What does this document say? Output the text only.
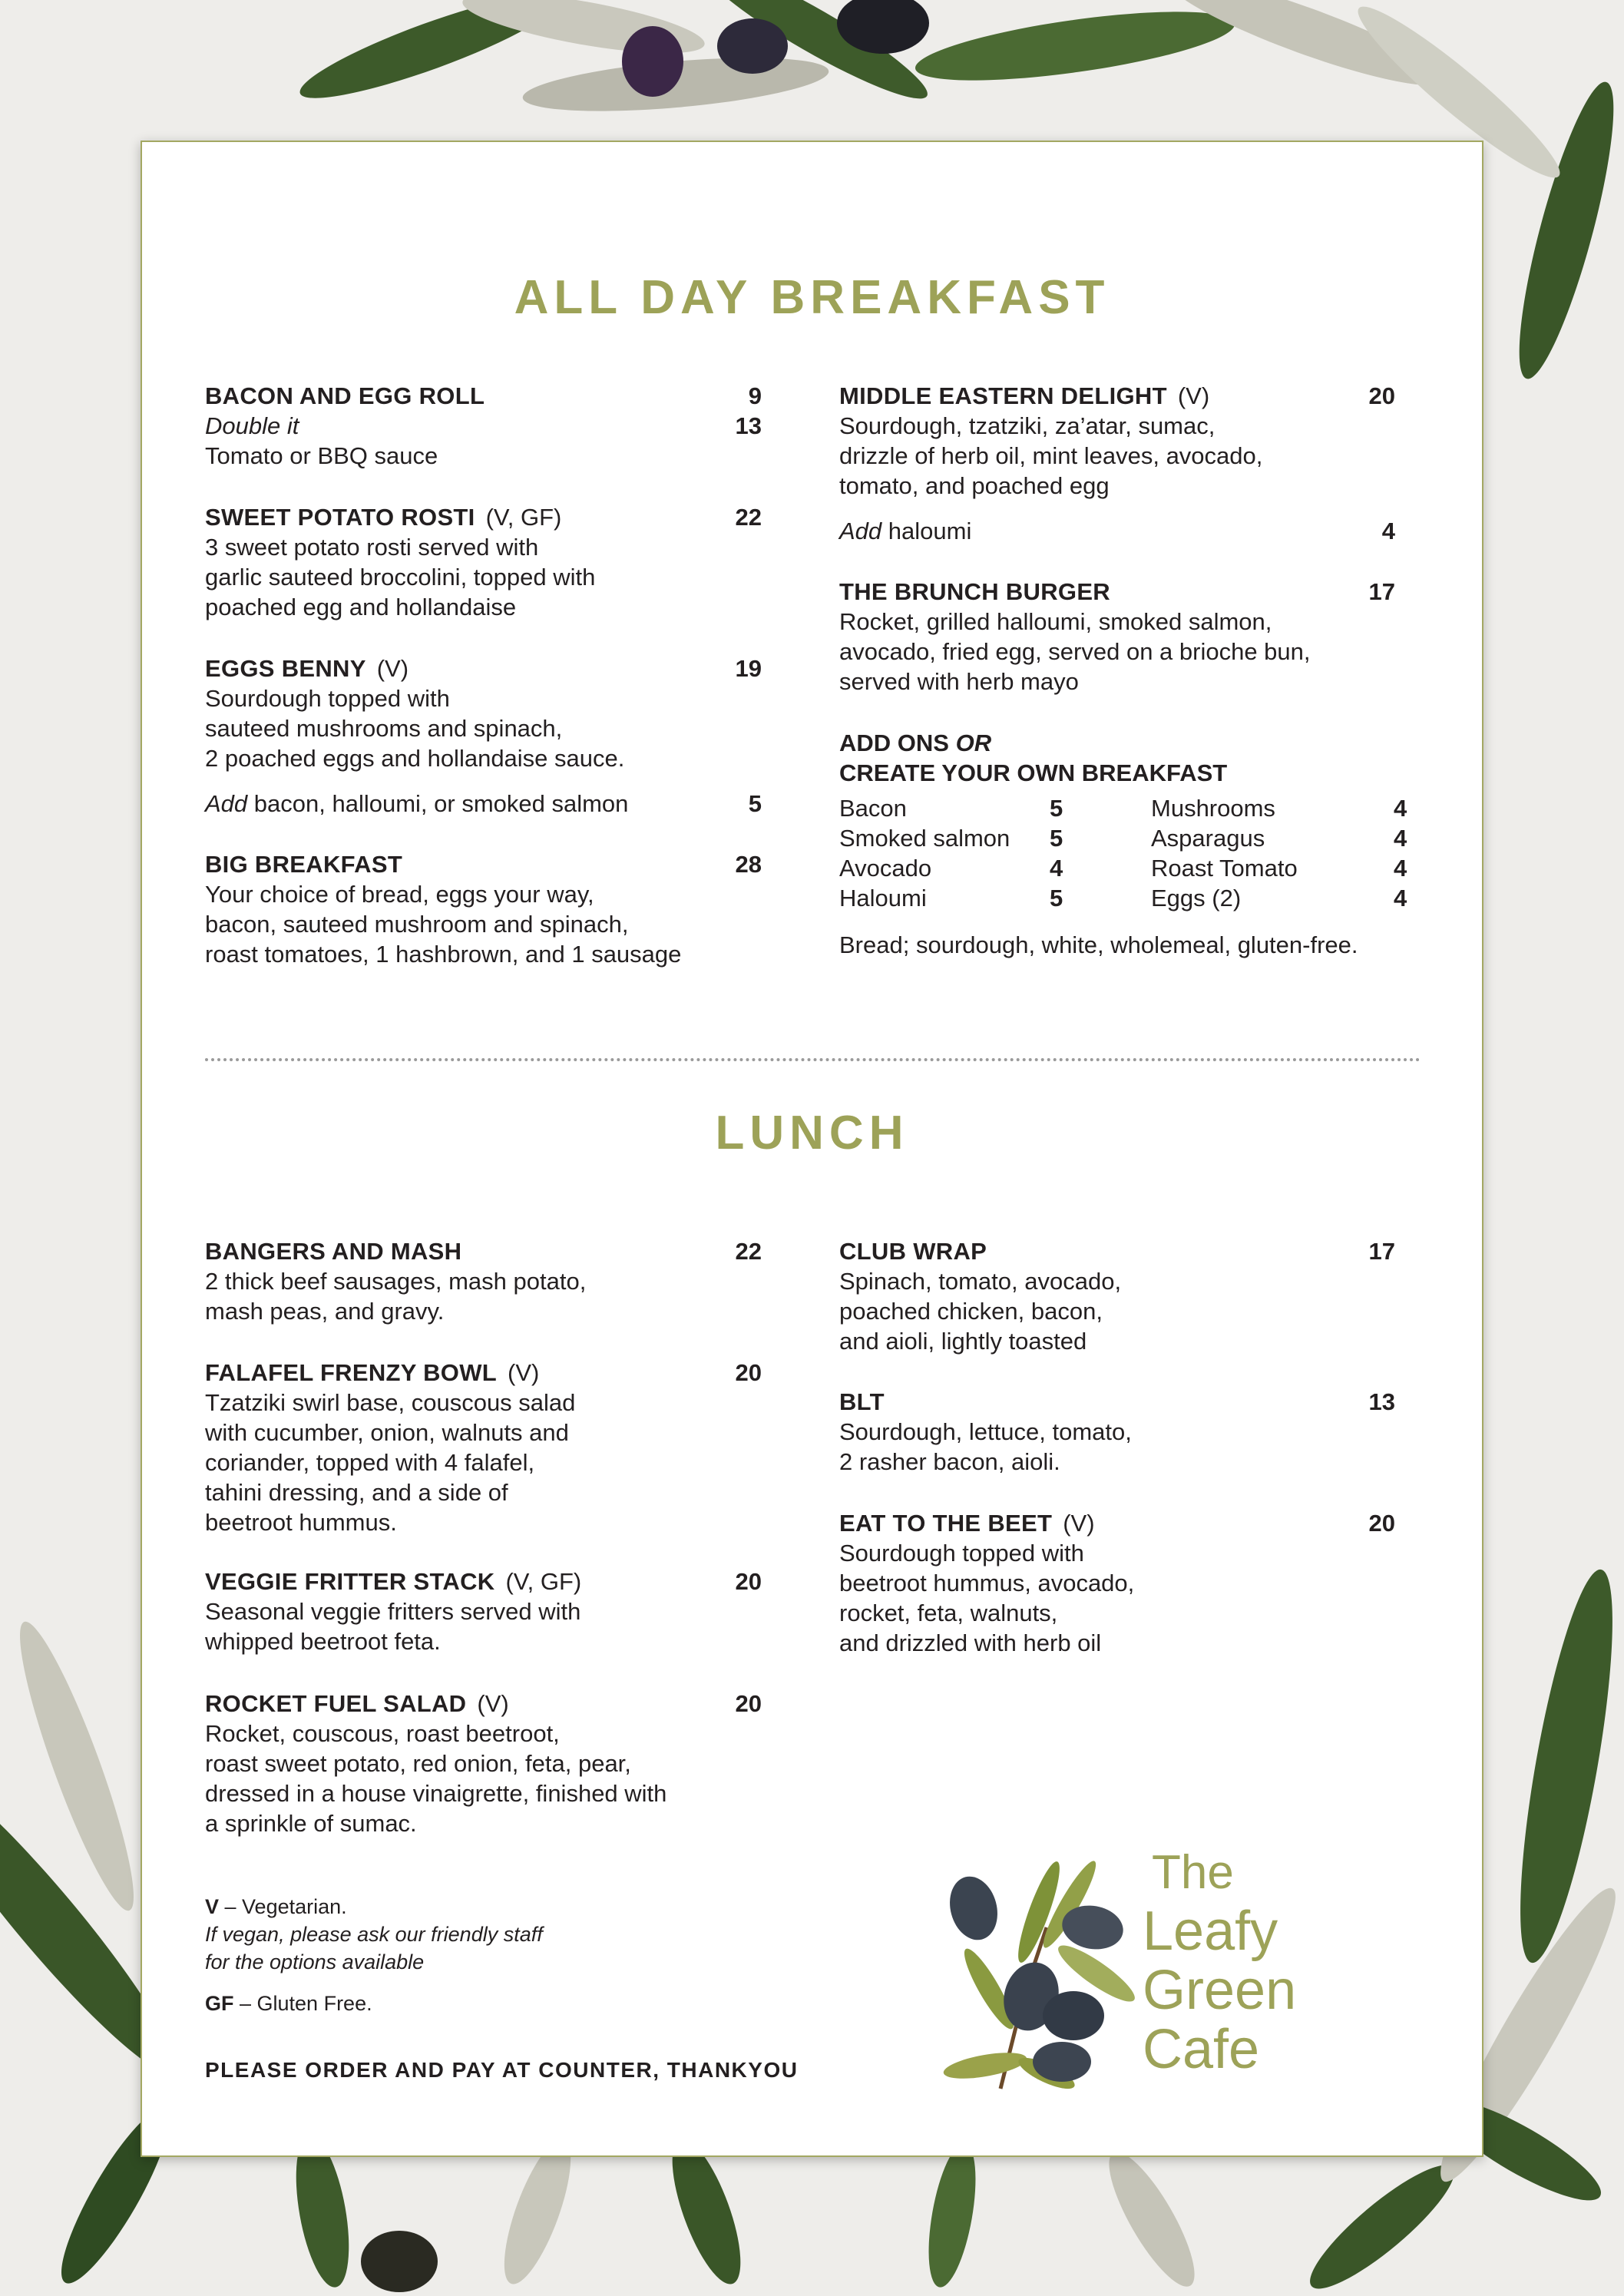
ALL DAY BREAKFAST
BACON AND EGG ROLL	9
Double it	13
Tomato or BBQ sauce
SWEET POTATO ROSTI (V, GF)	22
3 sweet potato rosti served with
garlic sauteed broccolini, topped with
poached egg and hollandaise
EGGS BENNY (V)	19
Sourdough topped with
sauteed mushrooms and spinach,
2 poached eggs and hollandaise sauce.
Add bacon, halloumi, or smoked salmon	5
BIG BREAKFAST	28
Your choice of bread, eggs your way,
bacon, sauteed mushroom and spinach,
roast tomatoes, 1 hashbrown, and 1 sausage
MIDDLE EASTERN DELIGHT (V)	20
Sourdough, tzatziki, za’atar, sumac,
drizzle of herb oil, mint leaves, avocado,
tomato, and poached egg
Add haloumi	4
THE BRUNCH BURGER	17
Rocket, grilled halloumi, smoked salmon,
avocado, fried egg, served on a brioche bun,
served with herb mayo
ADD ONS OR
CREATE YOUR OWN BREAKFAST
Bacon	5	Mushrooms	4
Smoked salmon 5	Asparagus	4
Avocado	4	Roast Tomato	4
Haloumi	5	Eggs (2)	4
Bread; sourdough, white, wholemeal, gluten-free.
LUNCH
BANGERS AND MASH	22
2 thick beef sausages, mash potato,
mash peas, and gravy.
FALAFEL FRENZY BOWL (V)	20
Tzatziki swirl base, couscous salad
with cucumber, onion, walnuts and
coriander, topped with 4 falafel,
tahini dressing, and a side of
beetroot hummus.
VEGGIE FRITTER STACK (V, GF)	20
Seasonal veggie fritters served with
whipped beetroot feta.
ROCKET FUEL SALAD (V)	20
Rocket, couscous, roast beetroot,
roast sweet potato, red onion, feta, pear,
dressed in a house vinaigrette, finished with
a sprinkle of sumac.
CLUB WRAP	17
Spinach, tomato, avocado,
poached chicken, bacon,
and aioli, lightly toasted
BLT	13
Sourdough, lettuce, tomato,
2 rasher bacon, aioli.
EAT TO THE BEET (V)	20
Sourdough topped with
beetroot hummus, avocado,
rocket, feta, walnuts,
and drizzled with herb oil
V – Vegetarian.
If vegan, please ask our friendly staff
for the options available
GF – Gluten Free.
PLEASE ORDER AND PAY AT COUNTER, THANKYOU
The
Leafy
Green
Cafe
